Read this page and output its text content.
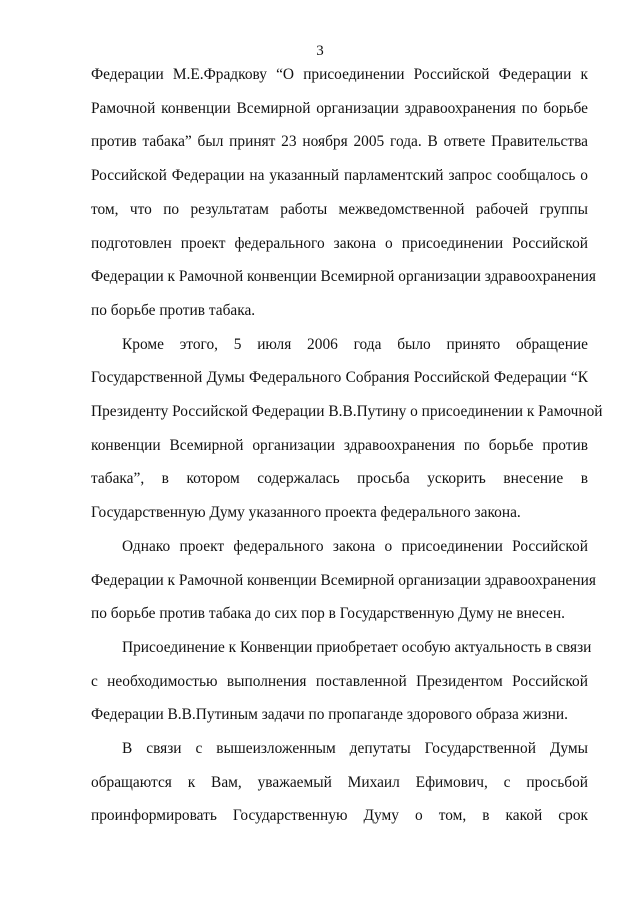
3

Федерации М.Е.Фрадкову “О присоединении Российской Федерации к
Рамочной конвенции Всемирной организации здравоохранения по борьбе
против табака” был принят 23 ноября 2005 года. В ответе Правительства
Российской Федерации на указанный парламентский запрос сообщалось о
том, что по результатам работы межведомственной рабочей группы
подготовлен проект федерального закона о присоединении Российской
Федерации к Рамочной конвенции Всемирной организации здравоохранения
по борьбе против табака.

Кроме этого, 5 июля 2006 года было принято обращение
Государственной Думы Федерального Собрания Российской Федерации “К
Президенту Российской Федерации В.В.Путину о присоединении к Рамочной
конвенции Всемирной организации здравоохранения по борьбе против
табака”, в котором содержалась просьба ускорить внесение в
Государственную Думу указанного проекта федерального закона.

Однако проект федерального закона о присоединении Российской
Федерации к Рамочной конвенции Всемирной организации здравоохранения
по борьбе против табака до сих пор в Государственную Думу не внесен.

Присоединение к Конвенции приобретает особую актуальность в связи
с необходимостью выполнения поставленной Президентом Российской
Федерации В.В.Путиным задачи по пропаганде здорового образа жизни.

В связи с вышеизложенным депутаты Государственной Думы
обращаются к Вам, уважаемый Михаил Ефимович, с просьбой
проинформировать Государственную Думу о том, в какой срок
